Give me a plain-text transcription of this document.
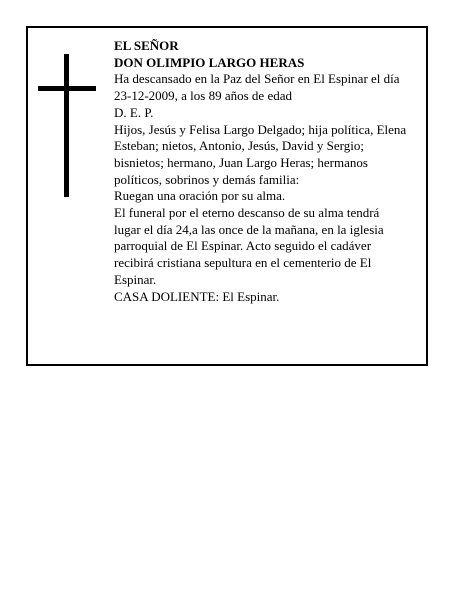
EL SEÑOR

DON OLIMPIO LARGO HERAS

Ha descansado en la Paz del Señor en El Espinar el día
23-12-2009, a los 89 años de edad

D. E. P.

Hijos, Jesús y Felisa Largo Delgado; hija política, Elena
Esteban; nietos, Antonio, Jesús, David y Sergio;
bisnietos; hermano, Juan Largo Heras; hermanos
políticos, sobrinos y demás familia:

Ruegan una oración por su alma.

El funeral por el eterno descanso de su alma tendrá
lugar el día 24,a las once de la mañana, en la iglesia
parroquial de El Espinar. Acto seguido el cadáver
recibirá cristiana sepultura en el cementerio de El
Espinar.

CASA DOLIENTE: El Espinar.
